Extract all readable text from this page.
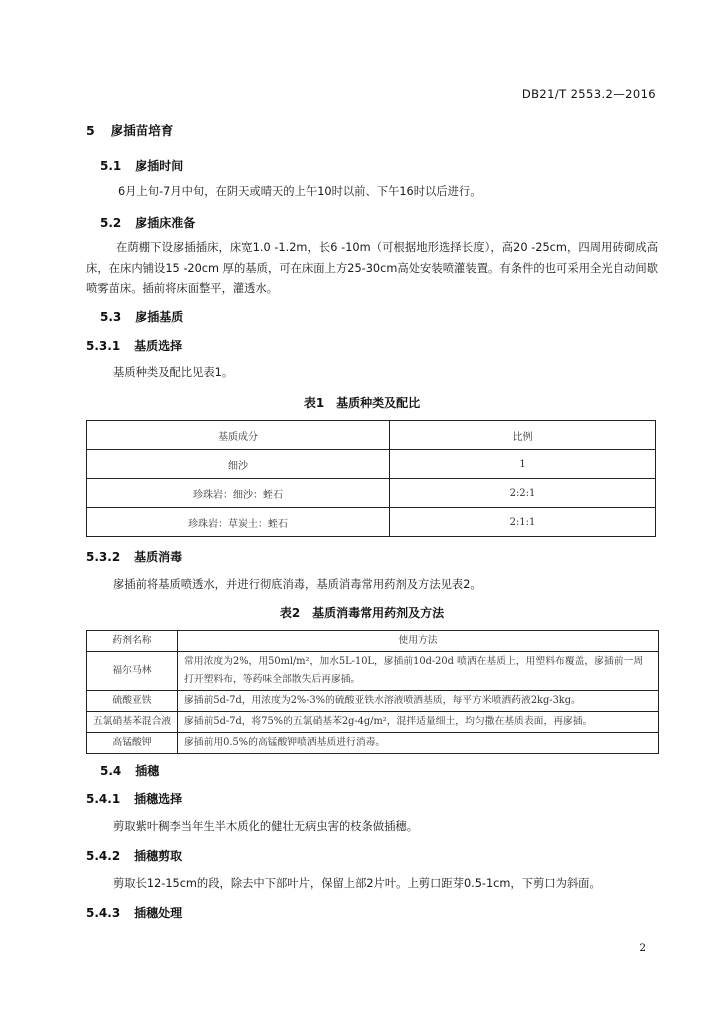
DB21/T 2553.2—2016
5 扅插苗培育
5.1 扅插时间
6月上旬-7月中旬，在阴天或晴天的上午10时以前、下午16时以后进行。
5.2 扅插床准备
在荫棚下设扅插插床，床宽1.0 -1.2m，长6 -10m（可根据地形选择长度），高20 -25cm，四周用砖砌成高床，在床内铺设15 -20cm 厚的基质，可在床面上方25-30cm高处安装喷灌装置。有条件的也可采用全光自动间歇喷雾苗床。插前将床面整平，灌透水。
5.3 扅插基质
5.3.1 基质选择
基质种类及配比见表1。
表1　基质种类及配比
基质成分	比例
细沙	1
珍珠岩：细沙：蛭石	2:2:1
珍珠岩：草炭土：蛭石	2:1:1
5.3.2 基质消毒
扅插前将基质喷透水，并进行彻底消毒，基质消毒常用药剂及方法见表2。
表2　基质消毒常用药剂及方法
药剂名称	使用方法
福尔马林	常用浓度为2%，用50ml/m²，加水5L-10L，扅插前10d-20d 喷洒在基质上，用塑料布覆盖，扅插前一周打开塑料布，等药味全部散失后再扅插。
硫酸亚铁	扅插前5d-7d，用浓度为2%-3%的硫酸亚铁水溶液喷洒基质，每平方米喷洒药液2kg-3kg。
五氯硝基苯混合液	扅插前5d-7d，将75%的五氯硝基苯2g-4g/m²，混拌适量细土，均匀撒在基质表面，再扅插。
高锰酸钾	扅插前用0.5%的高锰酸钾喷洒基质进行消毒。
5.4 插穗
5.4.1 插穗选择
剪取紫叶稠李当年生半木质化的健壮无病虫害的枝条做插穗。
5.4.2 插穗剪取
剪取长12-15cm的段，除去中下部叶片，保留上部2片叶。上剪口距芽0.5-1cm，下剪口为斜面。
5.4.3 插穗处理
2
